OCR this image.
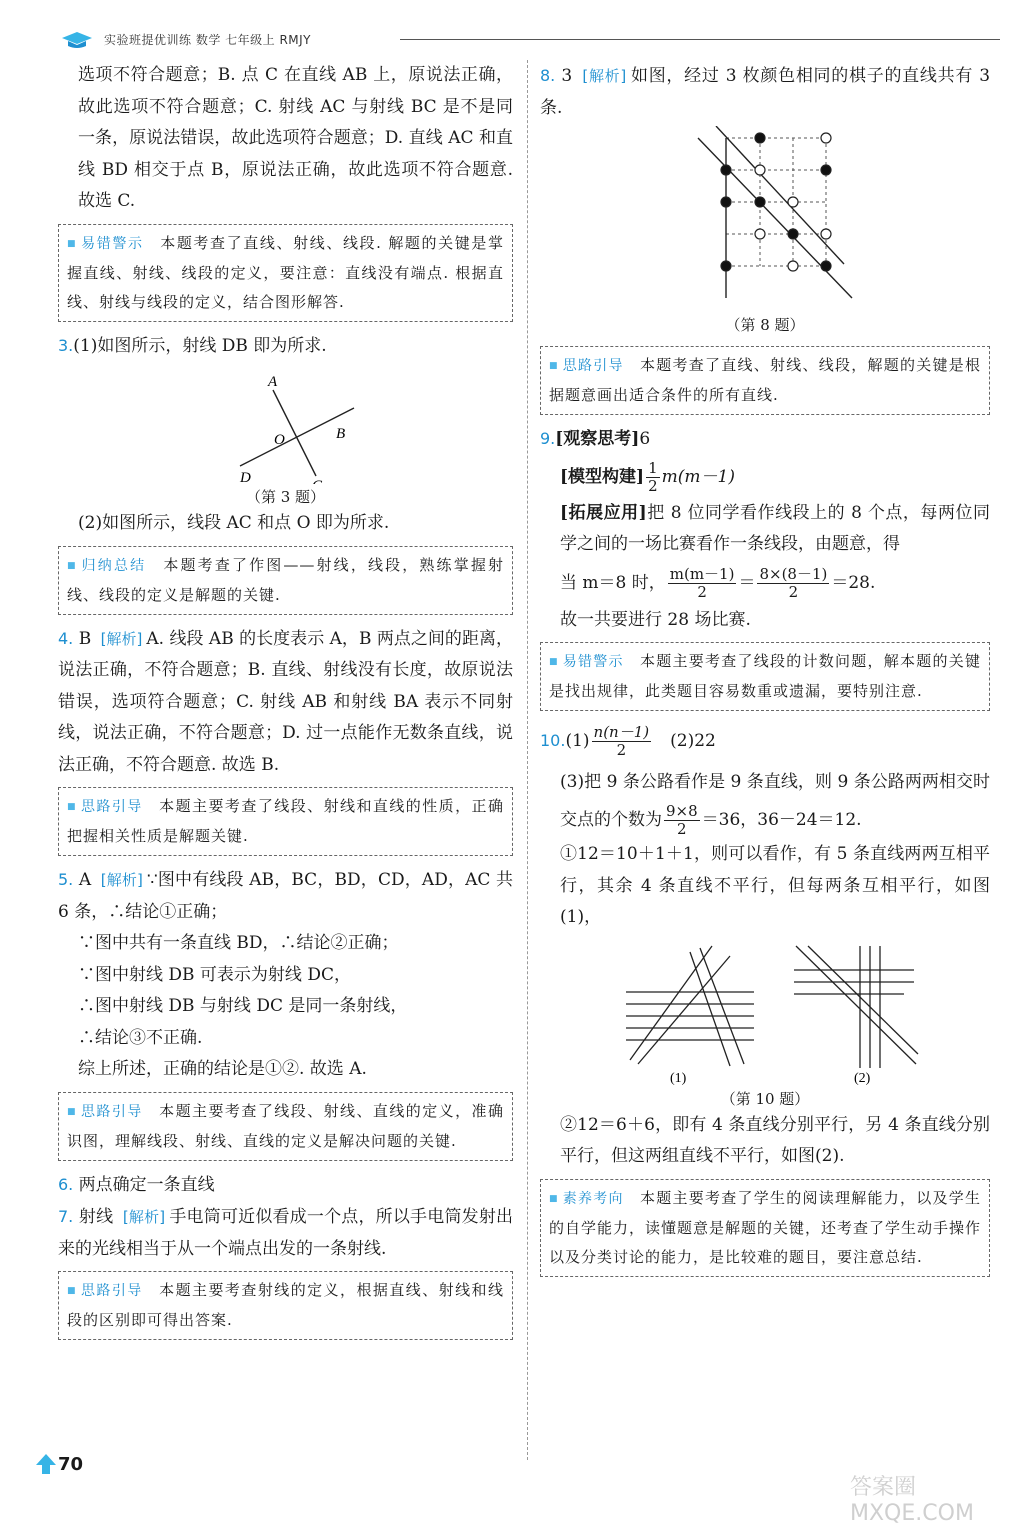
实验班提优训练 数学 七年级上 RMJY

选项不符合题意；B. 点 C 在直线 AB 上，原说法正确，故此选项不符合题意；C. 射线 AC 与射线 BC 是不是同一条，原说法错误，故此选项符合题意；D. 直线 AC 和直线 BD 相交于点 B，原说法正确，故此选项不符合题意. 故选 C.

■ 易错警示　 本题考查了直线、射线、线段. 解题的关键是掌握直线、射线、线段的定义，要注意：直线没有端点. 根据直线、射线与线段的定义，结合图形解答.

3.(1)如图所示，射线 DB 即为所求.

A
O	B
D
（第 3 题）

(2)如图所示，线段 AC 和点 O 即为所求.

■ 归纳总结　 本题考查了作图——射线，线段，熟练掌握射线、线段的定义是解题的关键.

4. B [解析] A. 线段 AB 的长度表示 A，B 两点之间的距离，说法正确，不符合题意；B. 直线、射线没有长度，故原说法错误，选项符合题意；C. 射线 AB 和射线 BA 表示不同射线，说法正确，不符合题意；D. 过一点能作无数条直线，说法正确，不符合题意. 故选 B.

■ 思路引导　 本题主要考查了线段、射线和直线的性质，正确把握相关性质是解题关键.

5. A [解析] ∵图中有线段 AB，BC，BD，CD，AD，AC 共 6 条，∴结论①正确；

∵图中共有一条直线 BD，∴结论②正确；

∵图中射线 DB 可表示为射线 DC，

∴图中射线 DB 与射线 DC 是同一条射线，

∴结论③不正确.

综上所述，正确的结论是①②. 故选 A.

■ 思路引导　 本题主要考查了线段、射线、直线的定义，准确识图，理解线段、射线、直线的定义是解决问题的关键.

6. 两点确定一条直线

7. 射线 [解析] 手电筒可近似看成一个点，所以手电筒发射出来的光线相当于从一个端点出发的一条射线.

■ 思路引导　 本题主要考查射线的定义，根据直线、射线和线段的区别即可得出答案.

8. 3 [解析] 如图，经过 3 枚颜色相同的棋子的直线共有 3 条.

（第 8 题）

■ 思路引导　 本题考查了直线、射线、线段，解题的关键是根据题意画出适合条件的所有直线.

9.[观察思考]6

[模型构建] $\frac{1}{2} m(m-1)$

[拓展应用]把 8 位同学看作线段上的 8 个点，每两位同学之间的一场比赛看作一条线段，由题意，得

当 m＝8 时， $\frac{m(m-1)}{2} = \frac{8\times(8-1)}{2} =28$.

故一共要进行 28 场比赛.

■ 易错警示　 本题主要考查了线段的计数问题，解本题的关键是找出规律，此类题目容易数重或遗漏，要特别注意.

$10.(1) \frac{n(n-1)}{2}$
　 (2)22

(3)把 9 条公路看作是 9 条直线，则 9 条公路两两相交时交点的个数为 $\frac{9\times 8}{2} =36$，36－24＝12.

①12＝10＋1＋1，则可以看作，有 5 条直线两两互相平行，其余 4 条直线不平行，但每两条互相平行，如图(1)，

(1)	(2)
（第 10 题）

②12＝6＋6，即有 4 条直线分别平行，另 4 条直线分别平行，但这两组直线不平行，如图(2).

■ 素养考向　 本题主要考查了学生的阅读理解能力，以及学生的自学能力，读懂题意是解题的关键，还考查了学生动手操作以及分类讨论的能力，是比较难的题目，要注意总结.

70
答案圈 MXQE.COM
